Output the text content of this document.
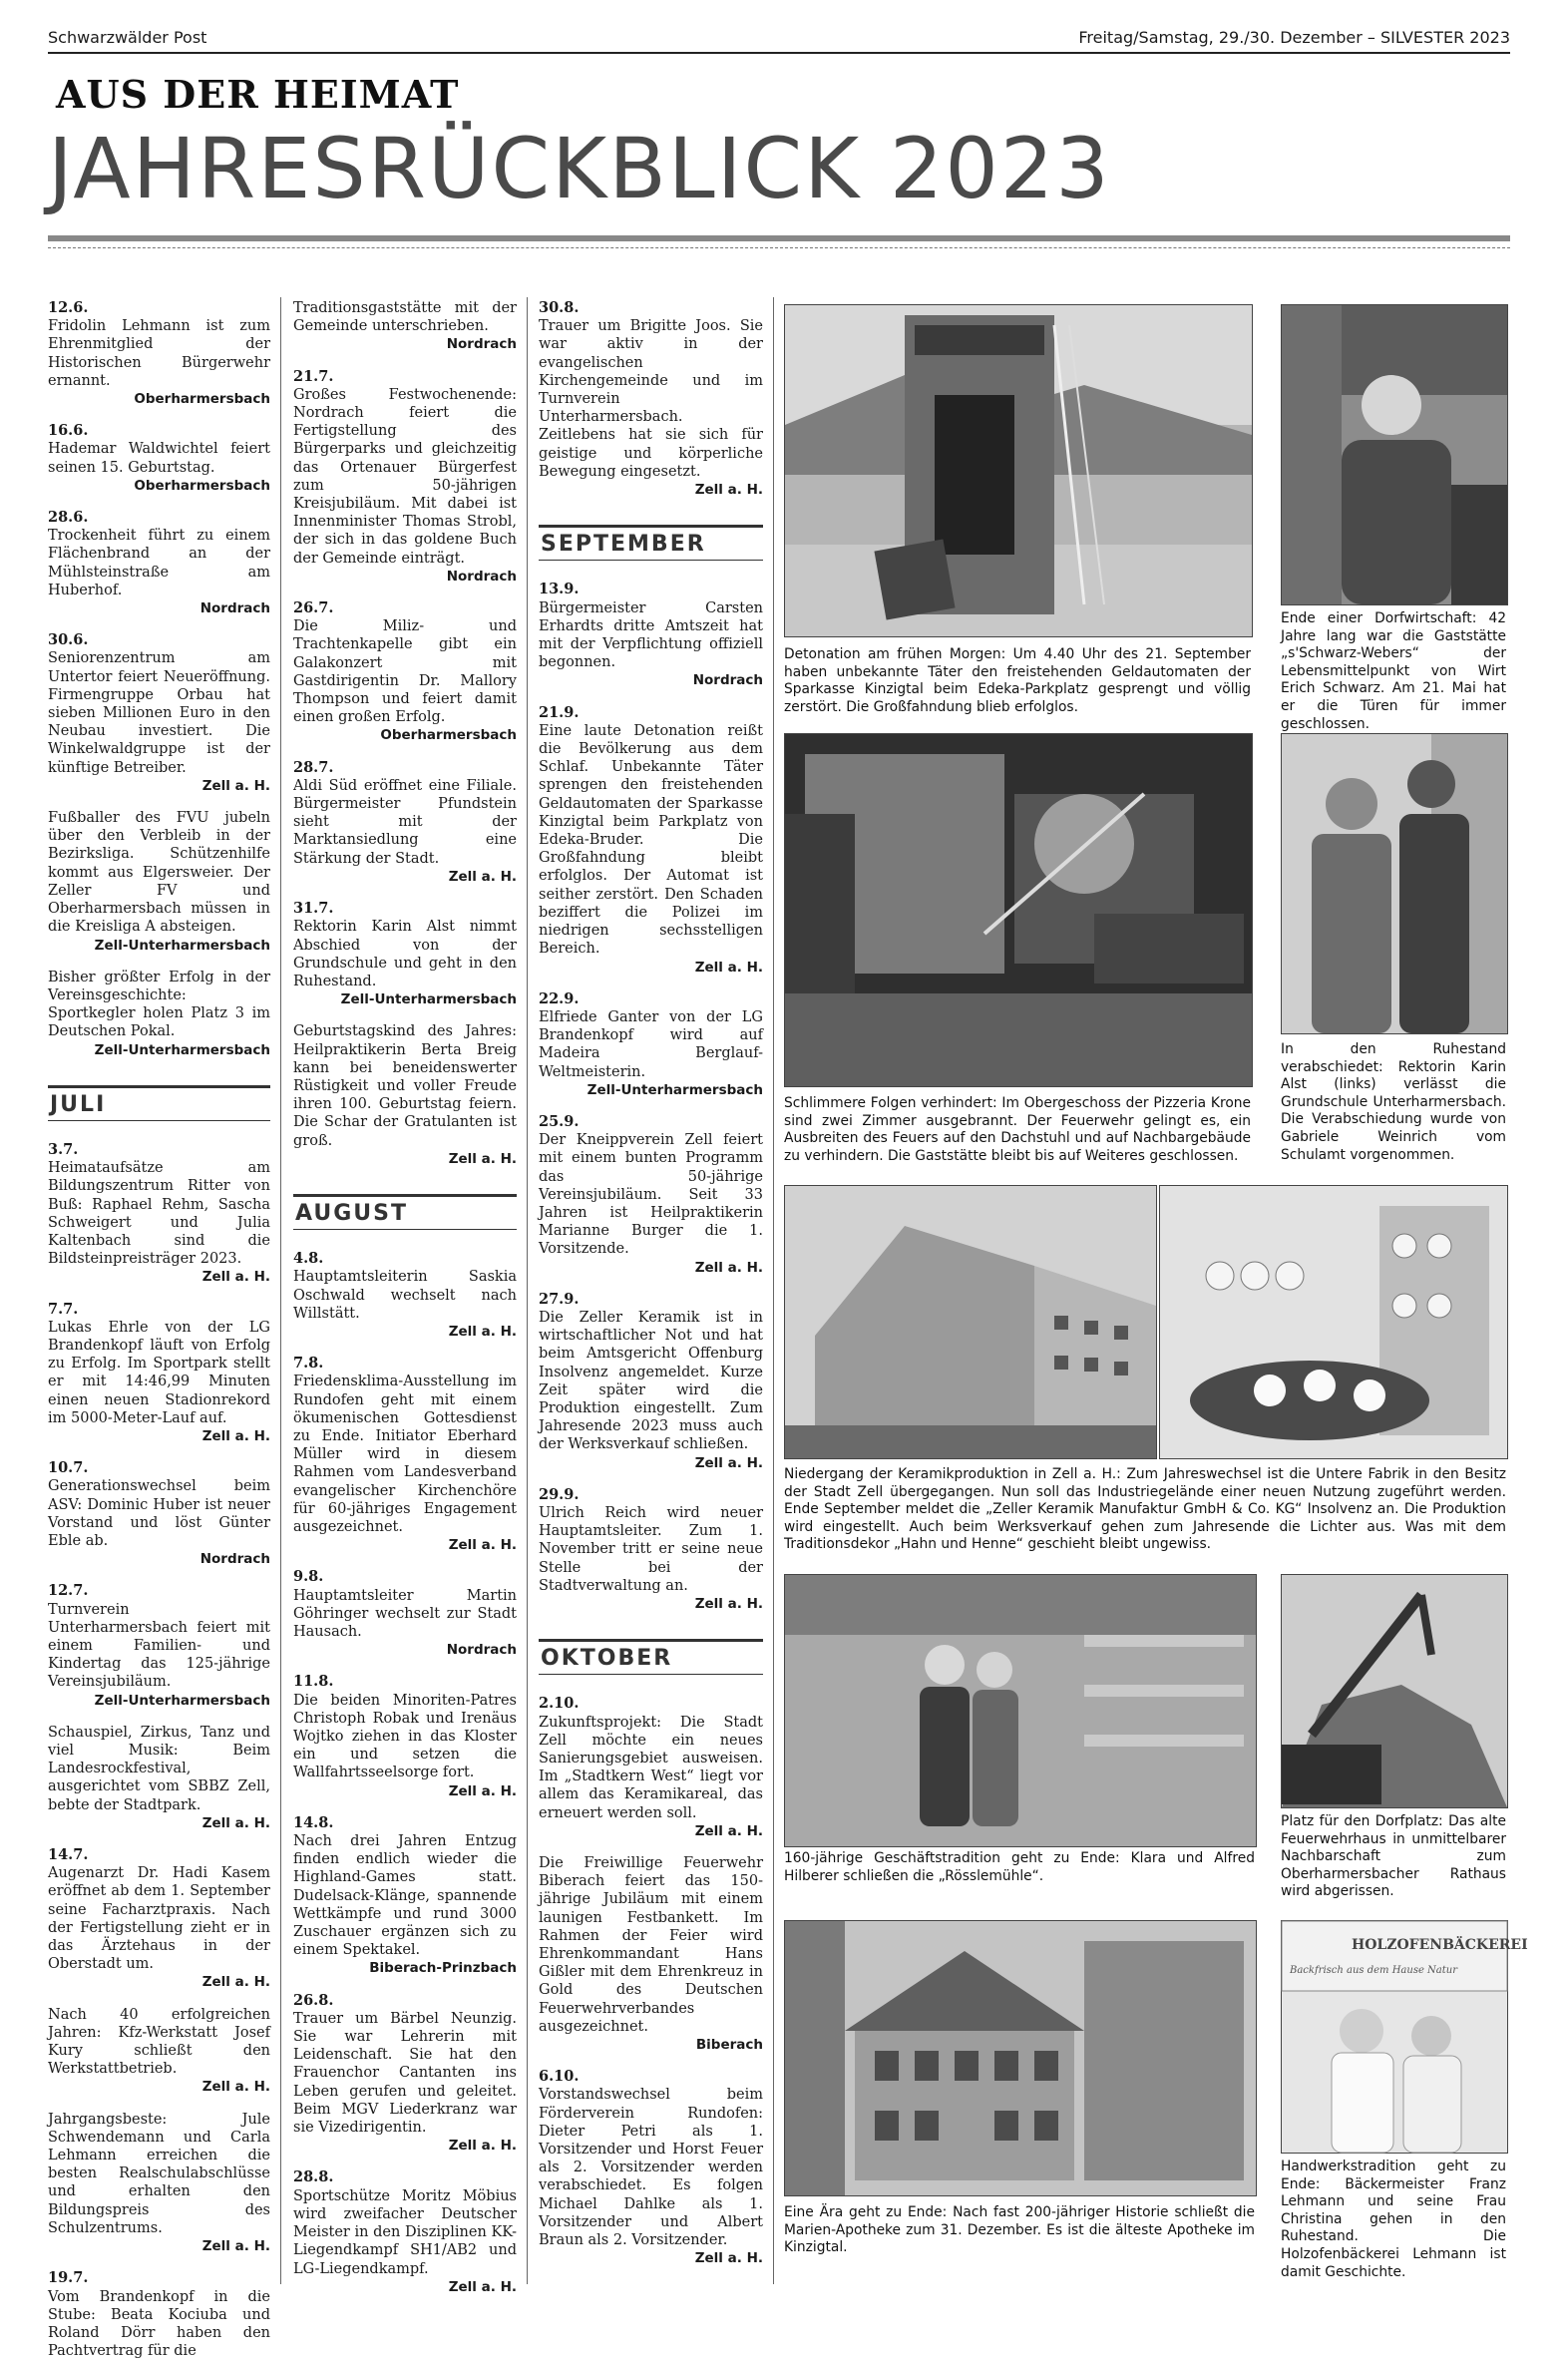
Schwarzwälder Post	Freitag/Samstag, 29./30. Dezember – SILVESTER 2023
AUS DER HEIMAT
JAHRESRÜCKBLICK 2023
12.6.
Fridolin Lehmann ist zum Ehrenmitglied der Historischen Bürgerwehr ernannt.
Oberharmersbach
16.6.
Hademar Waldwichtel feiert seinen 15. Geburtstag.
Oberharmersbach
28.6.
Trockenheit führt zu einem Flächenbrand an der Mühlsteinstraße am Huberhof.
Nordrach
30.6.
Seniorenzentrum am Untertor feiert Neueröffnung. Firmengruppe Orbau hat sieben Millionen Euro in den Neubau investiert. Die Winkelwaldgruppe ist der künftige Betreiber.
Zell a. H.
Fußballer des FVU jubeln über den Verbleib in der Bezirksliga. Schützenhilfe kommt aus Elgersweier. Der Zeller FV und Oberharmersbach müssen in die Kreisliga A absteigen.
Zell-Unterharmersbach
Bisher größter Erfolg in der Vereinsgeschichte: Sportkegler holen Platz 3 im Deutschen Pokal.
Zell-Unterharmersbach
JULI
3.7.
Heimataufsätze am Bildungszentrum Ritter von Buß: Raphael Rehm, Sascha Schweigert und Julia Kaltenbach sind die Bildsteinpreisträger 2023.
Zell a. H.
7.7.
Lukas Ehrle von der LG Brandenkopf läuft von Erfolg zu Erfolg. Im Sportpark stellt er mit 14:46,99 Minuten einen neuen Stadionrekord im 5000-Meter-Lauf auf.
Zell a. H.
10.7.
Generationswechsel beim ASV: Dominic Huber ist neuer Vorstand und löst Günter Eble ab.
Nordrach
12.7.
Turnverein Unterharmersbach feiert mit einem Familien- und Kindertag das 125-jährige Vereinsjubiläum.
Zell-Unterharmersbach
Schauspiel, Zirkus, Tanz und viel Musik: Beim Landesrockfestival, ausgerichtet vom SBBZ Zell, bebte der Stadtpark.
Zell a. H.
14.7.
Augenarzt Dr. Hadi Kasem eröffnet ab dem 1. September seine Facharztpraxis. Nach der Fertigstellung zieht er in das Ärztehaus in der Oberstadt um.
Zell a. H.
Nach 40 erfolgreichen Jahren: Kfz-Werkstatt Josef Kury schließt den Werkstattbetrieb.
Zell a. H.
Jahrgangsbeste: Jule Schwendemann und Carla Lehmann erreichen die besten Realschulabschlüsse und erhalten den Bildungspreis des Schulzentrums.
Zell a. H.
19.7.
Vom Brandenkopf in die Stube: Beata Kociuba und Roland Dörr haben den Pachtvertrag für die
Traditionsgaststätte mit der Gemeinde unterschrieben.
Nordrach
21.7.
Großes Festwochenende: Nordrach feiert die Fertigstellung des Bürgerparks und gleichzeitig das Ortenauer Bürgerfest zum 50-jährigen Kreisjubiläum. Mit dabei ist Innenminister Thomas Strobl, der sich in das goldene Buch der Gemeinde einträgt.
Nordrach
26.7.
Die Miliz- und Trachtenkapelle gibt ein Galakonzert mit Gastdirigentin Dr. Mallory Thompson und feiert damit einen großen Erfolg.
Oberharmersbach
28.7.
Aldi Süd eröffnet eine Filiale. Bürgermeister Pfundstein sieht mit der Marktansiedlung eine Stärkung der Stadt.
Zell a. H.
31.7.
Rektorin Karin Alst nimmt Abschied von der Grundschule und geht in den Ruhestand.
Zell-Unterharmersbach
Geburtstagskind des Jahres: Heilpraktikerin Berta Breig kann bei beneidenswerter Rüstigkeit und voller Freude ihren 100. Geburtstag feiern. Die Schar der Gratulanten ist groß.
Zell a. H.
AUGUST
4.8.
Hauptamtsleiterin Saskia Oschwald wechselt nach Willstätt.
Zell a. H.
7.8.
Friedensklima-Ausstellung im Rundofen geht mit einem ökumenischen Gottesdienst zu Ende. Initiator Eberhard Müller wird in diesem Rahmen vom Landesverband evangelischer Kirchenchöre für 60-jähriges Engagement ausgezeichnet.
Zell a. H.
9.8.
Hauptamtsleiter Martin Göhringer wechselt zur Stadt Hausach.
Nordrach
11.8.
Die beiden Minoriten-Patres Christoph Robak und Irenäus Wojtko ziehen in das Kloster ein und setzen die Wallfahrtsseelsorge fort.
Zell a. H.
14.8.
Nach drei Jahren Entzug finden endlich wieder die Highland-Games statt. Dudelsack-Klänge, spannende Wettkämpfe und rund 3000 Zuschauer ergänzen sich zu einem Spektakel.
Biberach-Prinzbach
26.8.
Trauer um Bärbel Neunzig. Sie war Lehrerin mit Leidenschaft. Sie hat den Frauenchor Cantanten ins Leben gerufen und geleitet. Beim MGV Liederkranz war sie Vizedirigentin.
Zell a. H.
28.8.
Sportschütze Moritz Möbius wird zweifacher Deutscher Meister in den Disziplinen KK-Liegendkampf SH1/AB2 und LG-Liegendkampf.
Zell a. H.
30.8.
Trauer um Brigitte Joos. Sie war aktiv in der evangelischen Kirchengemeinde und im Turnverein Unterharmersbach. Zeitlebens hat sie sich für geistige und körperliche Bewegung eingesetzt.
Zell a. H.
SEPTEMBER
13.9.
Bürgermeister Carsten Erhardts dritte Amtszeit hat mit der Verpflichtung offiziell begonnen.
Nordrach
21.9.
Eine laute Detonation reißt die Bevölkerung aus dem Schlaf. Unbekannte Täter sprengen den freistehenden Geldautomaten der Sparkasse Kinzigtal beim Parkplatz von Edeka-Bruder. Die Großfahndung bleibt erfolglos. Der Automat ist seither zerstört. Den Schaden beziffert die Polizei im niedrigen sechsstelligen Bereich.
Zell a. H.
22.9.
Elfriede Ganter von der LG Brandenkopf wird auf Madeira Berglauf-Weltmeisterin.
Zell-Unterharmersbach
25.9.
Der Kneippverein Zell feiert mit einem bunten Programm das 50-jährige Vereinsjubiläum. Seit 33 Jahren ist Heilpraktikerin Marianne Burger die 1. Vorsitzende.
Zell a. H.
27.9.
Die Zeller Keramik ist in wirtschaftlicher Not und hat beim Amtsgericht Offenburg Insolvenz angemeldet. Kurze Zeit später wird die Produktion eingestellt. Zum Jahresende 2023 muss auch der Werksverkauf schließen.
Zell a. H.
29.9.
Ulrich Reich wird neuer Hauptamtsleiter. Zum 1. November tritt er seine neue Stelle bei der Stadtverwaltung an.
Zell a. H.
OKTOBER
2.10.
Zukunftsprojekt: Die Stadt Zell möchte ein neues Sanierungsgebiet ausweisen. Im „Stadtkern West“ liegt vor allem das Keramikareal, das erneuert werden soll.
Zell a. H.
Die Freiwillige Feuerwehr Biberach feiert das 150-jährige Jubiläum mit einem launigen Festbankett. Im Rahmen der Feier wird Ehrenkommandant Hans Gißler mit dem Ehrenkreuz in Gold des Deutschen Feuerwehrverbandes ausgezeichnet.
Biberach
6.10.
Vorstandswechsel beim Förderverein Rundofen: Dieter Petri als 1. Vorsitzender und Horst Feuer als 2. Vorsitzender werden verabschiedet. Es folgen Michael Dahlke als 1. Vorsitzender und Albert Braun als 2. Vorsitzender.
Zell a. H.
Detonation am frühen Morgen: Um 4.40 Uhr des 21. September haben unbekannte Täter den freistehenden Geldautomaten der Sparkasse Kinzigtal beim Edeka-Parkplatz gesprengt und völlig zerstört. Die Großfahndung blieb erfolglos.
Ende einer Dorfwirtschaft: 42 Jahre lang war die Gaststätte „s'Schwarz-Webers“ der Lebensmittelpunkt von Wirt Erich Schwarz. Am 21. Mai hat er die Türen für immer geschlossen.
Schlimmere Folgen verhindert: Im Obergeschoss der Pizzeria Krone sind zwei Zimmer ausgebrannt. Der Feuerwehr gelingt es, ein Ausbreiten des Feuers auf den Dachstuhl und auf Nachbargebäude zu verhindern. Die Gaststätte bleibt bis auf Weiteres geschlossen.
In den Ruhestand verabschiedet: Rektorin Karin Alst (links) verlässt die Grundschule Unterharmersbach. Die Verabschiedung wurde von Gabriele Weinrich vom Schulamt vorgenommen.
Niedergang der Keramikproduktion in Zell a. H.: Zum Jahreswechsel ist die Untere Fabrik in den Besitz der Stadt Zell übergegangen. Nun soll das Industriegelände einer neuen Nutzung zugeführt werden. Ende September meldet die „Zeller Keramik Manufaktur GmbH & Co. KG“ Insolvenz an. Die Produktion wird eingestellt. Auch beim Werksverkauf gehen zum Jahresende die Lichter aus. Was mit dem Traditionsdekor „Hahn und Henne“ geschieht bleibt ungewiss.
160-jährige Geschäftstradition geht zu Ende: Klara und Alfred Hilberer schließen die „Rösslemühle“.
Platz für den Dorfplatz: Das alte Feuerwehrhaus in unmittelbarer Nachbarschaft zum Oberharmersbacher Rathaus wird abgerissen.
Eine Ära geht zu Ende: Nach fast 200-jähriger Historie schließt die Marien-Apotheke zum 31. Dezember. Es ist die älteste Apotheke im Kinzigtal.
HOLZOFENBÄCKEREI
Backfrisch aus dem Hause Natur
Handwerkstradition geht zu Ende: Bäckermeister Franz Lehmann und seine Frau Christina gehen in den Ruhestand. Die Holzofenbäckerei Lehmann ist damit Geschichte.
